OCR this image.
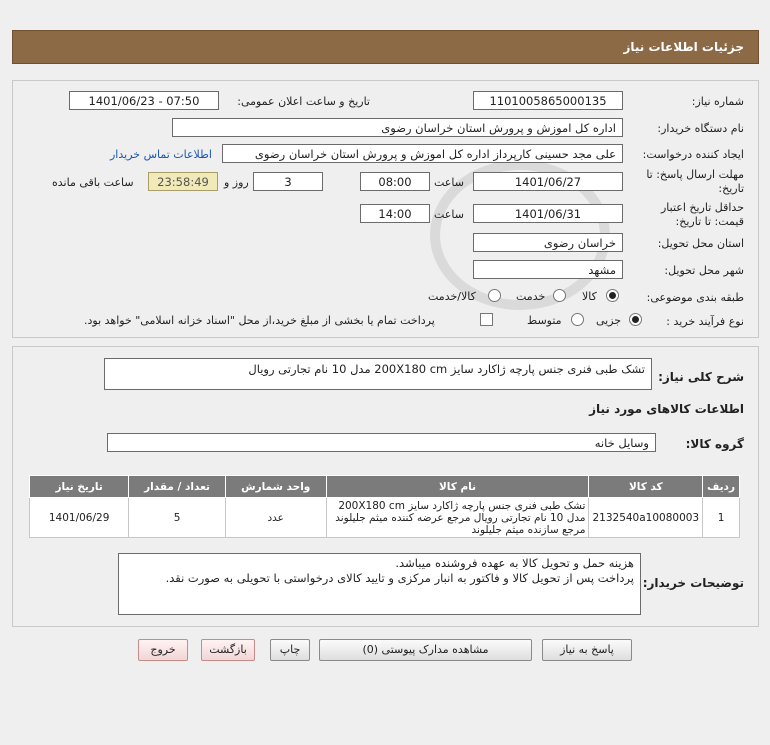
جزئیات اطلاعات نیاز
شماره نیاز:
1101005865000135
تاریخ و ساعت اعلان عمومی:
1401/06/23 - 07:50
نام دستگاه خریدار:
اداره کل اموزش و پرورش استان خراسان رضوی
ایجاد کننده درخواست:
علی مجد حسینی کارپرداز اداره کل اموزش و پرورش استان خراسان رضوی
اطلاعات تماس خریدار
مهلت ارسال پاسخ: تا
تاریخ:
1401/06/27
ساعت
08:00
3
روز و
23:58:49
ساعت باقی مانده
حداقل تاریخ اعتبار
قیمت: تا تاریخ:
1401/06/31
ساعت
14:00
استان محل تحویل:
خراسان رضوی
شهر محل تحویل:
مشهد
طبقه بندی موضوعی:
کالا
خدمت
کالا/خدمت
نوع فرآیند خرید :
جزیی
متوسط
پرداخت تمام یا بخشی از مبلغ خرید،از محل "اسناد خزانه اسلامی" خواهد بود.
شرح کلی نیاز:
تشک طبی فنری جنس پارچه ژاکارد سایز 200X180 cm مدل 10 نام تجارتی رویال
اطلاعات کالاهای مورد نیاز
گروه کالا:
وسایل خانه
ردیف	کد کالا	نام کالا	واحد شمارش	تعداد / مقدار	تاریخ نیاز
1	2132540a10080003	تشک طبی فنری جنس پارچه ژاکارد سایز 200X180 cm مدل 10 نام تجارتی رویال مرجع عرضه کننده میثم جلیلوند مرجع سازنده میثم جلیلوند	عدد	5	1401/06/29
توضیحات خریدار:
هزینه حمل و تحویل کالا به عهده فروشنده میباشد.
پرداخت پس از تحویل کالا و فاکتور به انبار مرکزی و تایید کالای درخواستی با تحویلی به صورت نقد.
پاسخ به نیاز
مشاهده مدارک پیوستی (0)
چاپ
بازگشت
خروج
